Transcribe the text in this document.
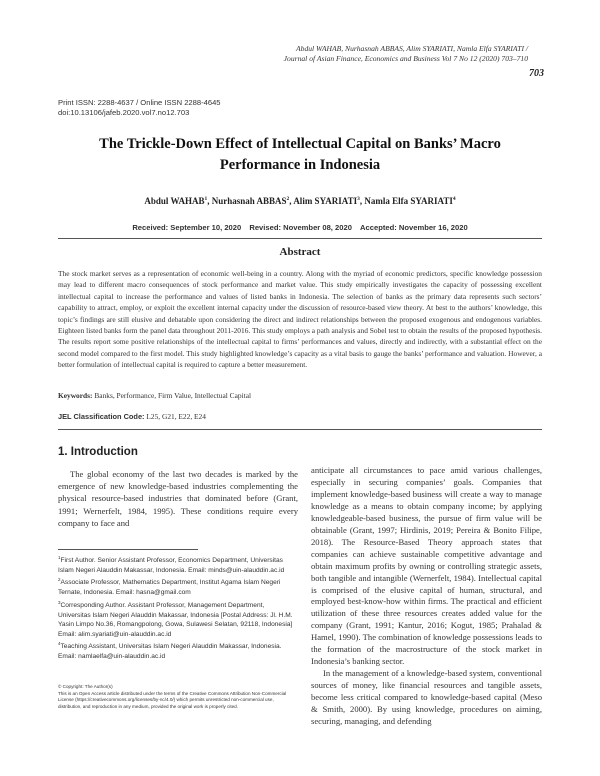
Abdul WAHAB, Nurhasnah ABBAS, Alim SYARIATI, Namla Elfa SYARIATI /
Journal of Asian Finance, Economics and Business Vol 7 No 12 (2020) 703–710
703
Print ISSN: 2288-4637 / Online ISSN 2288-4645
doi:10.13106/jafeb.2020.vol7.no12.703
The Trickle-Down Effect of Intellectual Capital on Banks’ Macro
Performance in Indonesia
Abdul WAHAB$^1$, Nurhasnah ABBAS$^2$, Alim SYARIATI$^3$, Namla Elfa SYARIATI$^4$
Received: September 10, 2020 Revised: November 08, 2020 Accepted: November 16, 2020
Abstract
The stock market serves as a representation of economic well-being in a country. Along with the myriad of economic predictors, specific knowledge possession may lead to different macro consequences of stock performance and market value. This study empirically investigates the capacity of possessing excellent intellectual capital to increase the performance and values of listed banks in Indonesia. The selection of banks as the primary data represents such sectors’ capability to attract, employ, or exploit the excellent internal capacity under the discussion of resource-based view theory. At best to the authors’ knowledge, this topic’s findings are still elusive and debatable upon considering the direct and indirect relationships between the proposed exogenous and endogenous variables. Eighteen listed banks form the panel data throughout 2011-2016. This study employs a path analysis and Sobel test to obtain the results of the proposed hypothesis. The results report some positive relationships of the intellectual capital to firms’ performances and values, directly and indirectly, with a substantial effect on the second model compared to the first model. This study highlighted knowledge’s capacity as a vital basis to gauge the banks’ performance and valuation. However, a better formulation of intellectual capital is required to capture a better measurement.
Keywords: Banks, Performance, Firm Value, Intellectual Capital
JEL Classification Code: L25, G21, E22, E24
1. Introduction

The global economy of the last two decades is marked by the emergence of new knowledge-based industries complementing the physical resource-based industries that dominated before (Grant, 1991; Wernerfelt, 1984, 1995). These conditions require every company to face and

anticipate all circumstances to pace amid various challenges, especially in securing companies’ goals. Companies that implement knowledge-based business will create a way to manage knowledge as a means to obtain company income; by applying knowledgeable-based business, the pursue of firm value will be obtainable (Grant, 1997; Hirdinis, 2019; Pereira & Bonito Filipe, 2018). The Resource-Based Theory approach states that companies can achieve sustainable competitive advantage and obtain maximum profits by owning or controlling strategic assets, both tangible and intangible (Wernerfelt, 1984). Intellectual capital is comprised of the elusive capital of human, structural, and employed best-know-how within firms. The practical and efficient utilization of these three resources creates added value for the company (Grant, 1991; Kantur, 2016; Kogut, 1985; Prahalad & Hamel, 1990). The combination of knowledge possessions leads to the formation of the macrostructure of the stock market in Indonesia’s banking sector.

In the management of a knowledge-based system, conventional sources of money, like financial resources and tangible assets, become less critical compared to knowledge-based capital (Meso & Smith, 2000). By using knowledge, procedures on aiming, securing, managing, and defending

$^1$First Author. Senior Assistant Professor, Economics Department, Universitas Islam Negeri Alauddin Makassar, Indonesia. Email: minds@uin-alauddin.ac.id

$^2$Associate Professor, Mathematics Department, Institut Agama Islam Negeri Ternate, Indonesia. Email: hasna@gmail.com

$^3$Corresponding Author. Assistant Professor, Management Department, Universitas Islam Negeri Alauddin Makassar, Indonesia [Postal Address: Jl. H.M. Yasin Limpo No.36, Romangpolong, Gowa, Sulawesi Selatan, 92118, Indonesia] Email: alim.syariati@uin-alauddin.ac.id

$^4$Teaching Assistant, Universitas Islam Negeri Alauddin Makassar, Indonesia. Email: namlaelfa@uin-alauddin.ac.id

© Copyright: The Author(s)

This is an Open Access article distributed under the terms of the Creative Commons Attribution Non-Commercial License (https://creativecommons.org/licenses/by-nc/4.0/) which permits unrestricted non-commercial use, distribution, and reproduction in any medium, provided the original work is properly cited.
